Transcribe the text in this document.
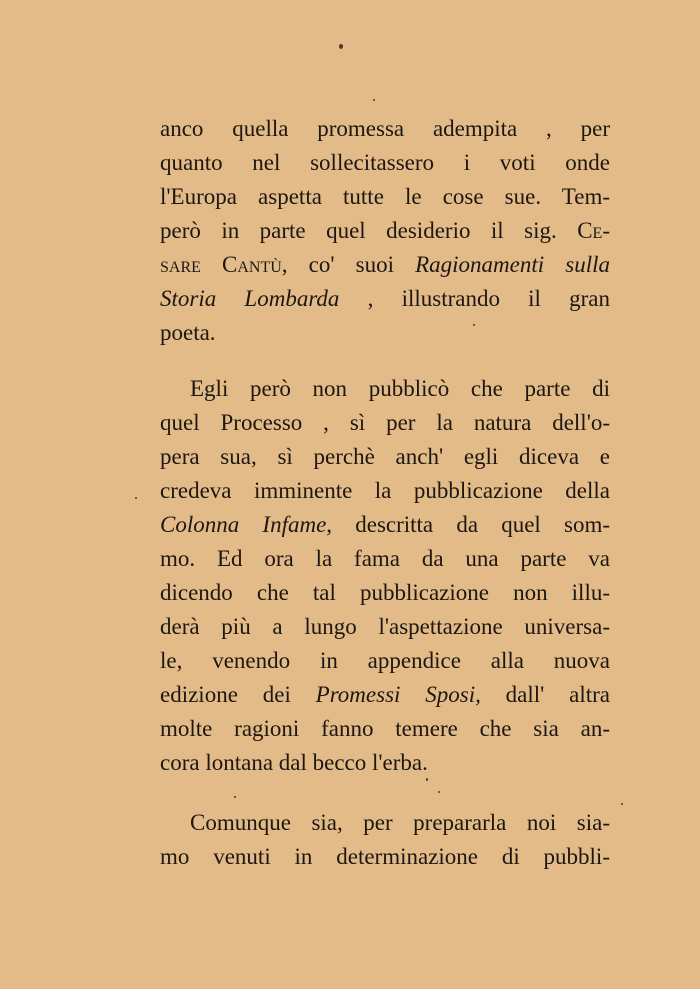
anco quella promessa adempita , per
quanto nel sollecitassero i voti onde
l'Europa aspetta tutte le cose sue. Tem-
però in parte quel desiderio il sig. Ce-
sare Cantù, co' suoi Ragionamenti sulla
Storia Lombarda , illustrando il gran
poeta.
Egli però non pubblicò che parte di
quel Processo , sì per la natura dell'o-
pera sua, sì perchè anch' egli diceva e
credeva imminente la pubblicazione della
Colonna Infame, descritta da quel som-
mo. Ed ora la fama da una parte va
dicendo che tal pubblicazione non illu-
derà più a lungo l'aspettazione universa-
le, venendo in appendice alla nuova
edizione dei Promessi Sposi, dall' altra
molte ragioni fanno temere che sia an-
cora lontana dal becco l'erba.
Comunque sia, per prepararla noi sia-
mo venuti in determinazione di pubbli-
